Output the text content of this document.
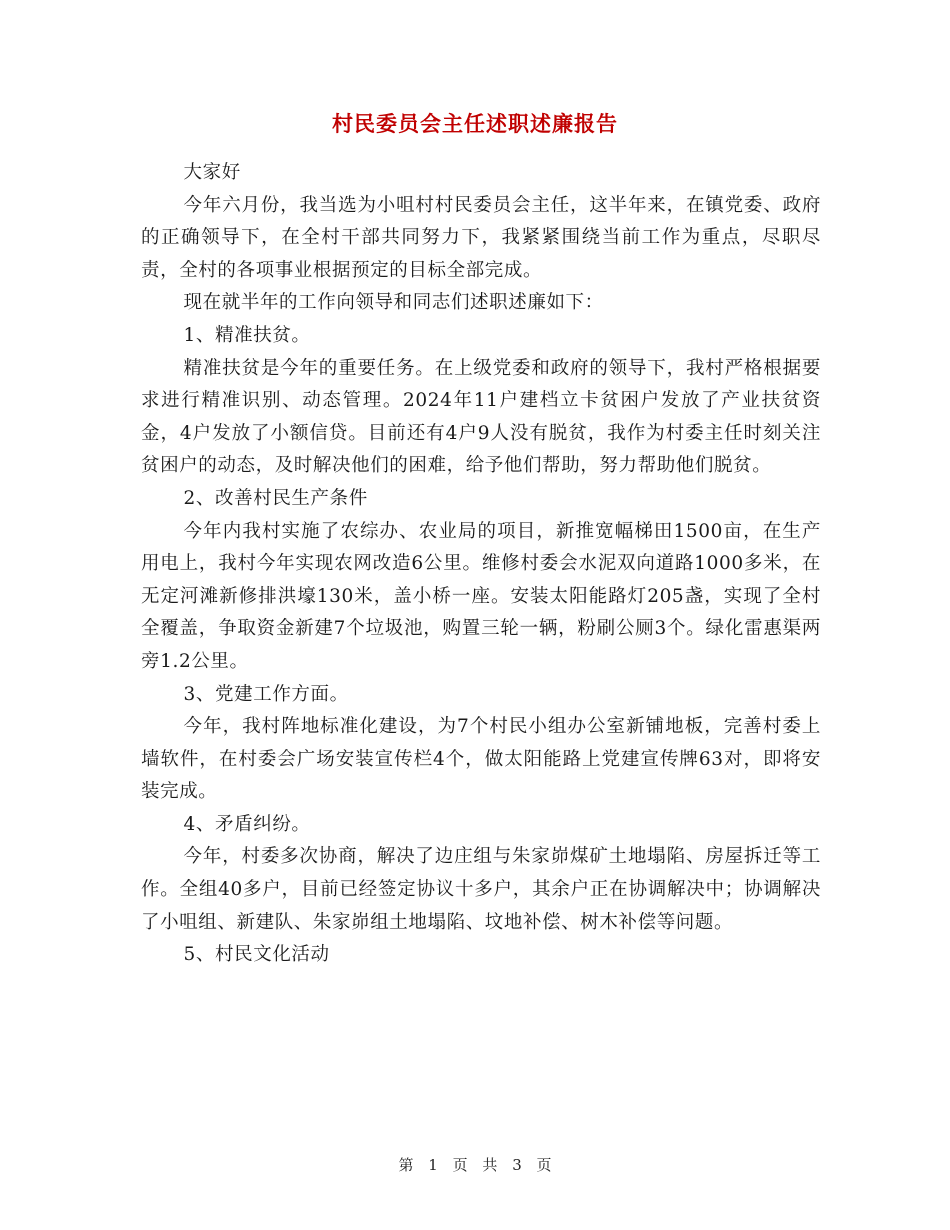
村民委员会主任述职述廉报告

大家好

今年六月份，我当选为小咀村村民委员会主任，这半年来，在镇党委、政府的正确领导下，在全村干部共同努力下，我紧紧围绕当前工作为重点，尽职尽责，全村的各项事业根据预定的目标全部完成。

现在就半年的工作向领导和同志们述职述廉如下：

1、精准扶贫。

精准扶贫是今年的重要任务。在上级党委和政府的领导下，我村严格根据要求进行精准识别、动态管理。2024年11户建档立卡贫困户发放了产业扶贫资金，4户发放了小额信贷。目前还有4户9人没有脱贫，我作为村委主任时刻关注贫困户的动态，及时解决他们的困难，给予他们帮助，努力帮助他们脱贫。

2、改善村民生产条件

今年内我村实施了农综办、农业局的项目，新推宽幅梯田1500亩，在生产用电上，我村今年实现农网改造6公里。维修村委会水泥双向道路1000多米，在无定河滩新修排洪壕130米，盖小桥一座。安装太阳能路灯205盏，实现了全村全覆盖，争取资金新建7个垃圾池，购置三轮一辆，粉刷公厕3个。绿化雷惠渠两旁1.2公里。

3、党建工作方面。

今年，我村阵地标准化建设，为7个村民小组办公室新铺地板，完善村委上墙软件，在村委会广场安装宣传栏4个，做太阳能路上党建宣传牌63对，即将安装完成。

4、矛盾纠纷。

今年，村委多次协商，解决了边庄组与朱家峁煤矿土地塌陷、房屋拆迁等工作。全组40多户，目前已经签定协议十多户，其余户正在协调解决中；协调解决了小咀组、新建队、朱家峁组土地塌陷、坟地补偿、树木补偿等问题。

5、村民文化活动

第 1 页 共 3 页
